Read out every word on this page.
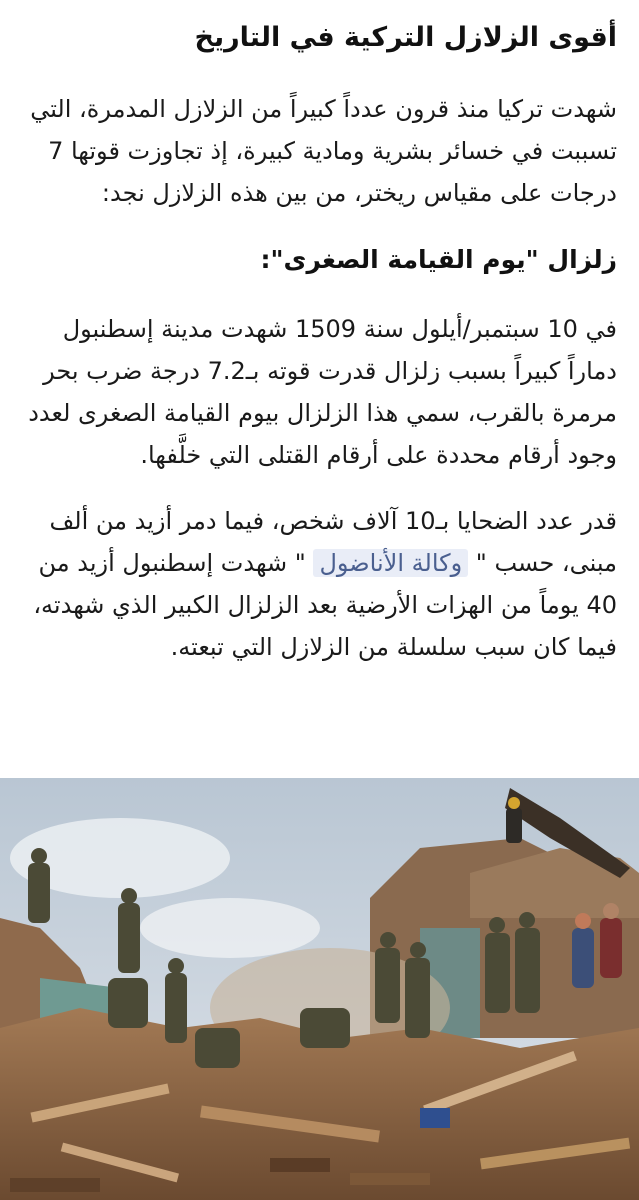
أقوى الزلازل التركية في التاريخ

شهدت تركيا منذ قرون عدداً كبيراً من الزلازل المدمرة، التي تسببت في خسائر بشرية ومادية كبيرة، إذ تجاوزت قوتها 7 درجات على مقياس ريختر، من بين هذه الزلازل نجد:

زلزال "يوم القيامة الصغرى":

في 10 سبتمبر/أيلول سنة 1509 شهدت مدينة إسطنبول دماراً كبيراً بسبب زلزال قدرت قوته بـ7.2 درجة ضرب بحر مرمرة بالقرب، سمي هذا الزلزال بيوم القيامة الصغرى لعدد وجود أرقام محددة على أرقام القتلى التي خلَّفها.

قدر عدد الضحايا بـ10 آلاف شخص، فيما دمر أزيد من ألف مبنى، حسب " وكالة الأناضول " شهدت إسطنبول أزيد من 40 يوماً من الهزات الأرضية بعد الزلزال الكبير الذي شهدته، فيما كان سبب سلسلة من الزلازل التي تبعته.
